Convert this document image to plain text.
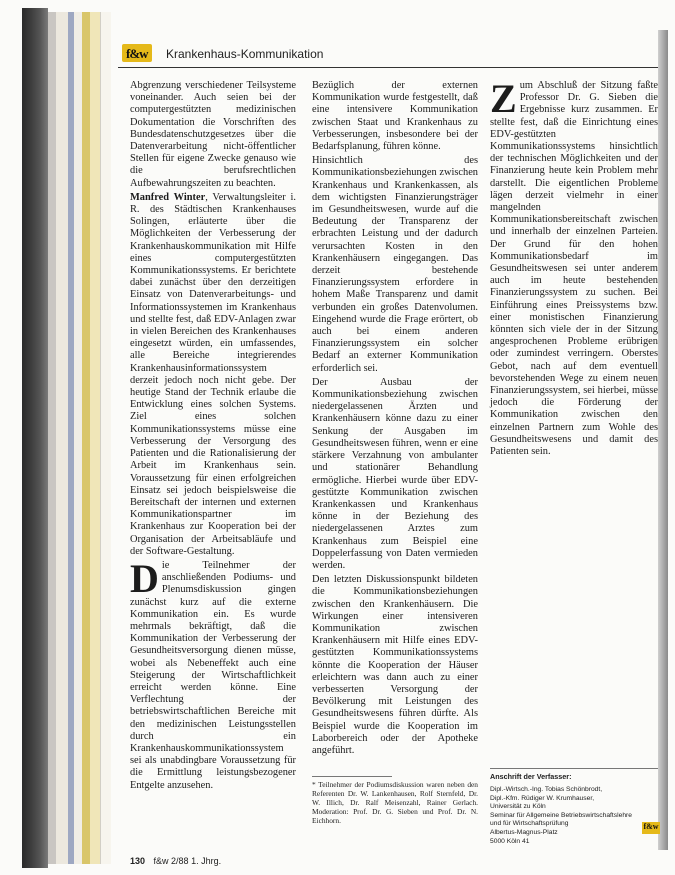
f&w Krankenhaus-Kommunikation

Abgrenzung verschiedener Teilsysteme voneinander. Auch seien bei der computergestützten medizinischen Dokumentation die Vorschriften des Bundesdatenschutzgesetzes über die Datenverarbeitung nicht-öffentlicher Stellen für eigene Zwecke genauso wie die berufsrechtlichen Aufbewahrungszeiten zu beachten.

Manfred Winter, Verwaltungsleiter i. R. des Städtischen Krankenhauses Solingen, erläuterte über die Möglichkeiten der Verbesserung der Krankenhauskommunikation mit Hilfe eines computergestützten Kommunikationssystems. Er berichtete dabei zunächst über den derzeitigen Einsatz von Datenverarbeitungs- und Informationssystemen im Krankenhaus und stellte fest, daß EDV-Anlagen zwar in vielen Bereichen des Krankenhauses eingesetzt würden, ein umfassendes, alle Bereiche integrierendes Krankenhausinformationssystem derzeit jedoch noch nicht gebe. Der heutige Stand der Technik erlaube die Entwicklung eines solchen Systems. Ziel eines solchen Kommunikationssystems müsse eine Verbesserung der Versorgung des Patienten und die Rationalisierung der Arbeit im Krankenhaus sein. Voraussetzung für einen erfolgreichen Einsatz sei jedoch beispielsweise die Bereitschaft der internen und externen Kommunikationspartner im Krankenhaus zur Kooperation bei der Organisation der Arbeitsabläufe und der Software-Gestaltung.

Die Teilnehmer der anschließenden Podiums- und Plenumsdiskussion gingen zunächst kurz auf die externe Kommunikation ein. Es wurde mehrmals bekräftigt, daß die Kommunikation der Verbesserung der Gesundheitsversorgung dienen müsse, wobei als Nebeneffekt auch eine Steigerung der Wirtschaftlichkeit erreicht werden könne. Eine Verflechtung der betriebswirtschaftlichen Bereiche mit den medizinischen Leistungsstellen durch ein Krankenhauskommunikationssystem sei als unabdingbare Voraussetzung für die Ermittlung leistungsbezogener Entgelte anzusehen.

Bezüglich der externen Kommunikation wurde festgestellt, daß eine intensivere Kommunikation zwischen Staat und Krankenhaus zu Verbesserungen, insbesondere bei der Bedarfsplanung, führen könne.

Hinsichtlich des Kommunikationsbeziehungen zwischen Krankenhaus und Krankenkassen, als dem wichtigsten Finanzierungsträger im Gesundheitswesen, wurde auf die Bedeutung der Transparenz der erbrachten Leistung und der dadurch verursachten Kosten in den Krankenhäusern eingegangen. Das derzeit bestehende Finanzierungssystem erfordere in hohem Maße Transparenz und damit verbunden ein großes Datenvolumen. Eingehend wurde die Frage erörtert, ob auch bei einem anderen Finanzierungssystem ein solcher Bedarf an externer Kommunikation erforderlich sei.

Der Ausbau der Kommunikationsbeziehung zwischen niedergelassenen Ärzten und Krankenhäusern könne dazu zu einer Senkung der Ausgaben im Gesundheitswesen führen, wenn er eine stärkere Verzahnung von ambulanter und stationärer Behandlung ermögliche. Hierbei wurde über EDV-gestützte Kommunikation zwischen Krankenkassen und Krankenhaus könne in der Beziehung des niedergelassenen Arztes zum Krankenhaus zum Beispiel eine Doppelerfassung von Daten vermieden werden.

Den letzten Diskussionspunkt bildeten die Kommunikationsbeziehungen zwischen den Krankenhäusern. Die Wirkungen einer intensiveren Kommunikation zwischen Krankenhäusern mit Hilfe eines EDV-gestützten Kommunikationssystems könnte die Kooperation der Häuser erleichtern was dann auch zu einer verbesserten Versorgung der Bevölkerung mit Leistungen des Gesundheitswesens führen dürfte. Als Beispiel wurde die Kooperation im Laborbereich oder der Apotheke angeführt.

* Teilnehmer der Podiumsdiskussion waren neben den Referenten Dr. W. Lankenhausen, Rolf Sternfeld, Dr. W. Illich, Dr. Ralf Meisenzahl, Rainer Gerlach. Moderation: Prof. Dr. G. Sieben und Prof. Dr. N. Eichhorn.

Zum Abschluß der Sitzung faßte Professor Dr. G. Sieben die Ergebnisse kurz zusammen. Er stellte fest, daß die Einrichtung eines EDV-gestützten Kommunikationssystems hinsichtlich der technischen Möglichkeiten und der Finanzierung heute kein Problem mehr darstellt. Die eigentlichen Probleme lägen derzeit vielmehr in einer mangelnden Kommunikationsbereitschaft zwischen und innerhalb der einzelnen Parteien. Der Grund für den hohen Kommunikationsbedarf im Gesundheitswesen sei unter anderem auch im heute bestehenden Finanzierungssystem zu suchen. Bei Einführung eines Preissystems bzw. einer monistischen Finanzierung könnten sich viele der in der Sitzung angesprochenen Probleme erübrigen oder zumindest verringern. Oberstes Gebot, nach auf dem eventuell bevorstehenden Wege zu einem neuen Finanzierungssystem, sei hierbei, müsse jedoch die Förderung der Kommunikation zwischen den einzelnen Partnern zum Wohle des Gesundheitswesens und damit des Patienten sein.

Anschrift der Verfasser:
Dipl.-Wirtsch.-Ing. Tobias Schönbrodt,
Dipl.-Kfm. Rüdiger W. Krumhauser,
Universität zu Köln
Seminar für Allgemeine Betriebswirtschaftslehre
und für Wirtschaftsprüfung
Albertus-Magnus-Platz
5000 Köln 41
f&w
130 f&w 2/88 1. Jhrg.
